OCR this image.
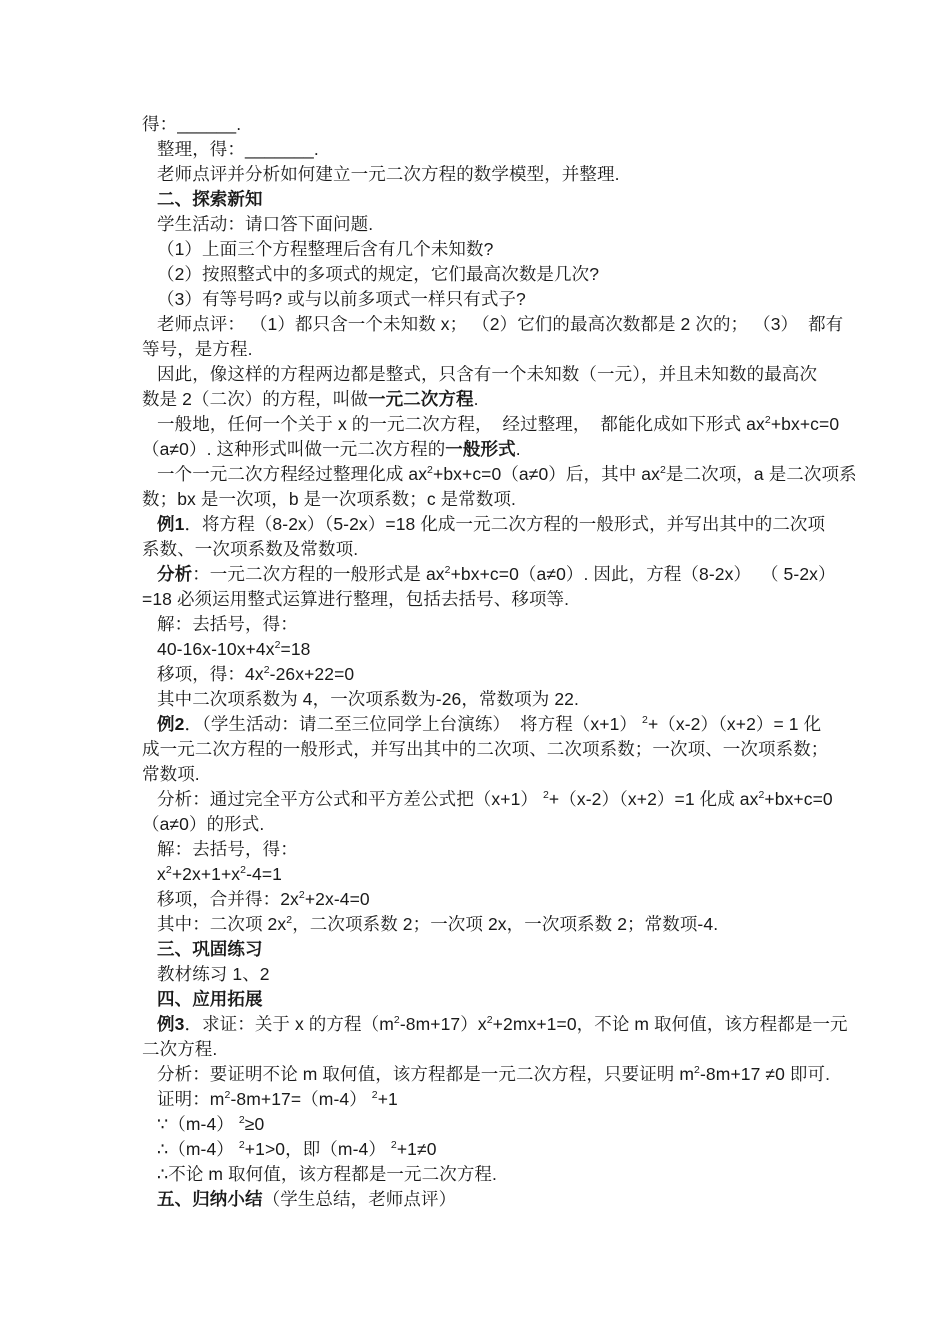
得：______.
整理，得：_______.
老师点评并分析如何建立一元二次方程的数学模型，并整理.
二、探索新知
学生活动：请口答下面问题.
（1）上面三个方程整理后含有几个未知数?
（2）按照整式中的多项式的规定，它们最高次数是几次?
（3）有等号吗? 或与以前多项式一样只有式子?
老师点评： （1）都只含一个未知数 x； （2）它们的最高次数都是 2 次的； （3）  都有
等号，是方程.
因此，像这样的方程两边都是整式，只含有一个未知数（一元），并且未知数的最高次
数是 2（二次）的方程，叫做一元二次方程.
一般地，任何一个关于 x 的一元二次方程，  经过整理，  都能化成如下形式 $ax^2+bx+c=0$
（a≠0）. 这种形式叫做一元二次方程的一般形式.
一个一元二次方程经过整理化成 $ax^2+bx+c=0(a\ne 0)$后，其中 $ax^2$是二次项，a 是二次项系
数；bx 是一次项，b 是一次项系数；c 是常数项.
例1．将方程（8-2x）（5-2x）=18 化成一元二次方程的一般形式，并写出其中的二次项
系数、一次项系数及常数项.
分析：一元二次方程的一般形式是 $ax^2+bx+c=0(a\ne 0)$. 因此，方程（8-2x）  （ 5-2x）
=18 必须运用整式运算进行整理，包括去括号、移项等.
解：去括号，得：
$40-16x-10x+4x^2=18$
移项，得：$4x^2-26x+22=0$
其中二次项系数为 4，一次项系数为-26，常数项为 22.
例2．（学生活动：请二至三位同学上台演练）  将方程（x+1） $^2$+（x-2）（x+2）= 1 化
成一元二次方程的一般形式，并写出其中的二次项、二次项系数；一次项、一次项系数；
常数项.
分析：通过完全平方公式和平方差公式把（x+1） $^2$+（x-2）（x+2）=1 化成 $ax^2+bx+c=0$
（a≠0）的形式.
解：去括号，得：
$x^2+2x+1+x^2-4=1$
移项，合并得：$2x^2+2x-4=0$
其中：二次项 $2x^2$，二次项系数 2；一次项 2x，一次项系数 2；常数项-4.
三、巩固练习
教材练习 1、2
四、应用拓展
例3．求证：关于 x 的方程$(m^2-8m+17)x^2+2mx+1=0$，不论 m 取何值，该方程都是一元
二次方程.
分析：要证明不论 m 取何值，该方程都是一元二次方程，只要证明 $m^2-8m+17 \ne 0$ 即可.
证明：$m^2-8m+17=(m-4)$ $^2$+1
∵（m-4） $^2$≥0
∴（m-4） $^2$+1>0，即（m-4） $^2$+1≠0
∴不论 m 取何值，该方程都是一元二次方程.
五、归纳小结（学生总结，老师点评）
